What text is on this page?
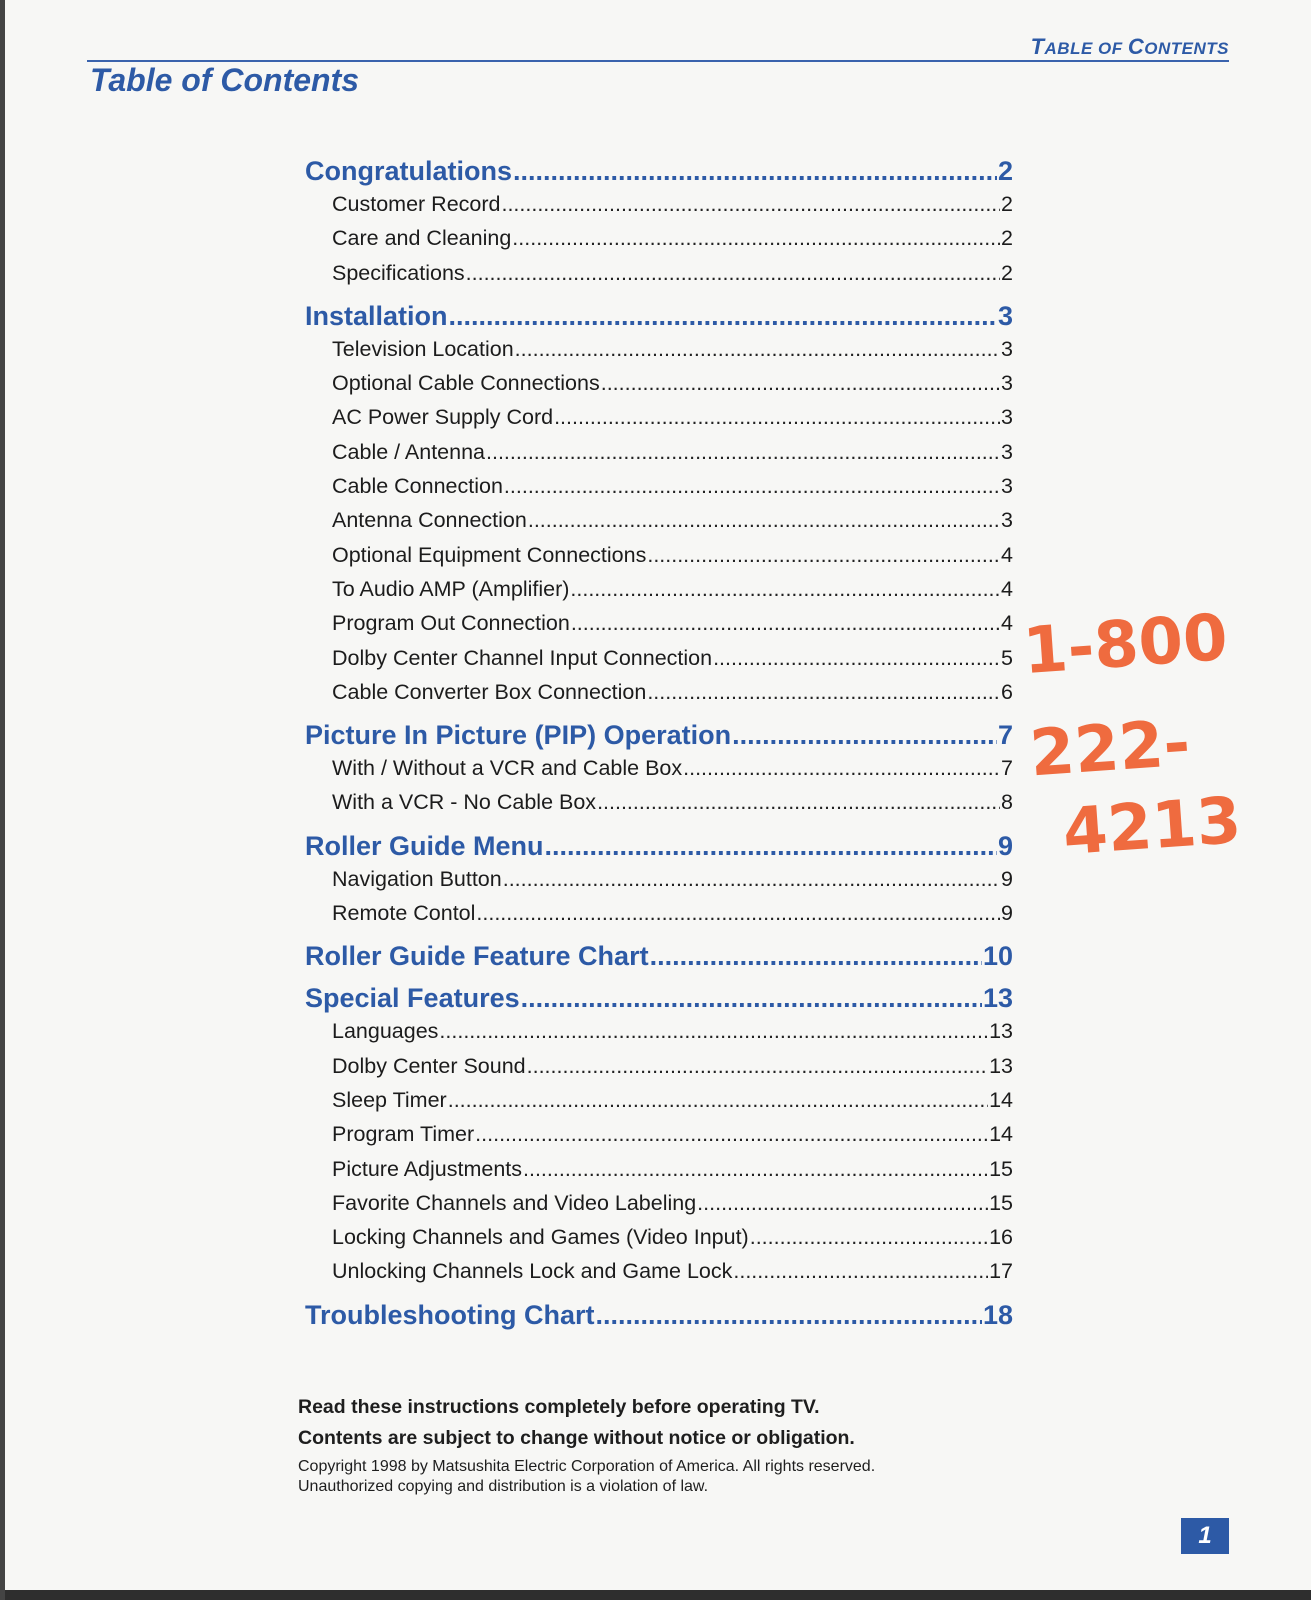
TABLE OF CONTENTS
Table of Contents
Congratulations .....	2
Customer Record .....	2
Care and Cleaning .....	2
Specifications .....	2
Installation .....	3
Television Location .....	3
Optional Cable Connections .....	3
AC Power Supply Cord .....	3
Cable / Antenna .....	3
Cable Connection .....	3
Antenna Connection .....	3
Optional Equipment Connections .....	4
To Audio AMP (Amplifier) .....	4
Program Out Connection .....	4
Dolby Center Channel Input Connection .....	5
Cable Converter Box Connection .....	6
Picture In Picture (PIP) Operation .....	7
With / Without a VCR and Cable Box .....	7
With a VCR - No Cable Box .....	8
Roller Guide Menu .....	9
Navigation Button .....	9
Remote Contol .....	9
Roller Guide Feature Chart .....	10
Special Features .....	13
Languages .....	13
Dolby Center Sound .....	13
Sleep Timer .....	14
Program Timer .....	14
Picture Adjustments .....	15
Favorite Channels and Video Labeling .....	15
Locking Channels and Games (Video Input) .....	16
Unlocking Channels Lock and Game Lock .....	17
Troubleshooting Chart .....	18
Read these instructions completely before operating TV.
Contents are subject to change without notice or obligation.
Copyright 1998 by Matsushita Electric Corporation of America. All rights reserved.
Unauthorized copying and distribution is a violation of law.
1-800
222-
4213
1
